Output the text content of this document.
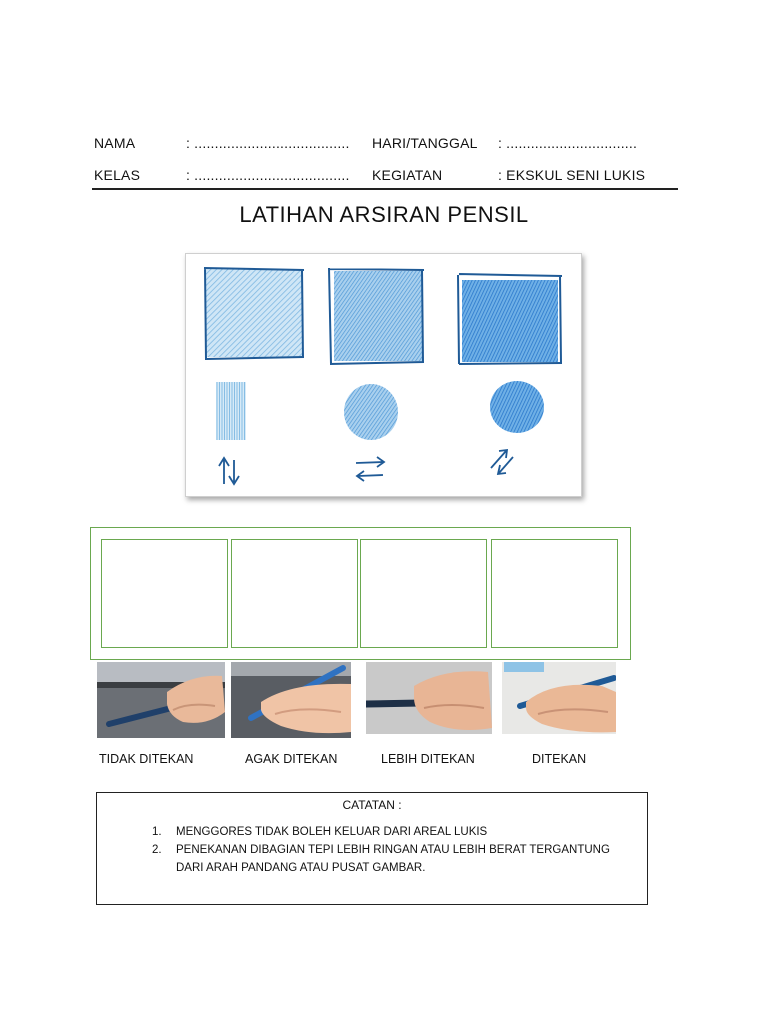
NAMA	: ...................................... HARI/TANGGAL : ................................
KELAS	: ...................................... KEGIATAN	: EKSKUL SENI LUKIS
LATIHAN ARSIRAN PENSIL
TIDAK DITEKAN	AGAK DITEKAN	LEBIH DITEKAN	DITEKAN
CATATAN :
1. MENGGORES TIDAK BOLEH KELUAR DARI AREAL LUKIS
2. PENEKANAN DIBAGIAN TEPI LEBIH RINGAN ATAU LEBIH BERAT TERGANTUNG
DARI ARAH PANDANG ATAU PUSAT GAMBAR.
